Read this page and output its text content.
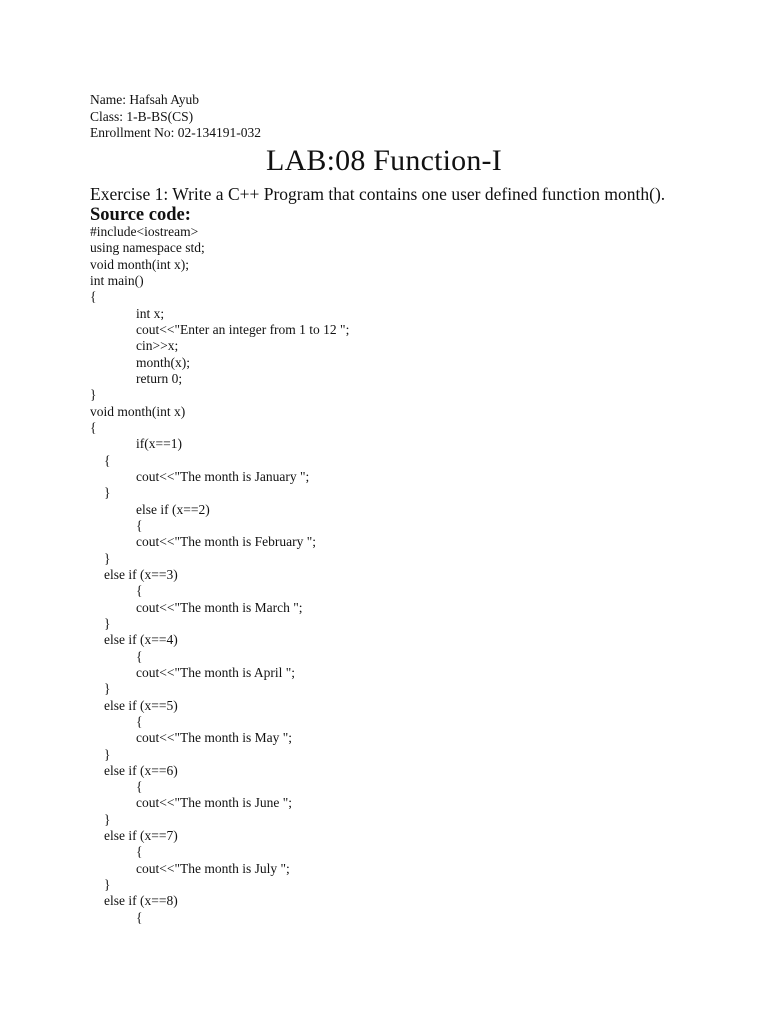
Name: Hafsah Ayub
Class: 1-B-BS(CS)
Enrollment No: 02-134191-032
LAB:08 Function-I
Exercise 1: Write a C++ Program that contains one user defined function month().
Source code:
#include<iostream>
using namespace std;
void month(int x);
int main()
{
int x;
cout<<"Enter an integer from 1 to 12 ";
cin>>x;
month(x);
return 0;
}
void month(int x)
{
if(x==1)
{
cout<<"The month is January ";
}
else if (x==2)
{
cout<<"The month is February ";
}
else if (x==3)
{
cout<<"The month is March ";
}
else if (x==4)
{
cout<<"The month is April ";
}
else if (x==5)
{
cout<<"The month is May ";
}
else if (x==6)
{
cout<<"The month is June ";
}
else if (x==7)
{
cout<<"The month is July ";
}
else if (x==8)
{
